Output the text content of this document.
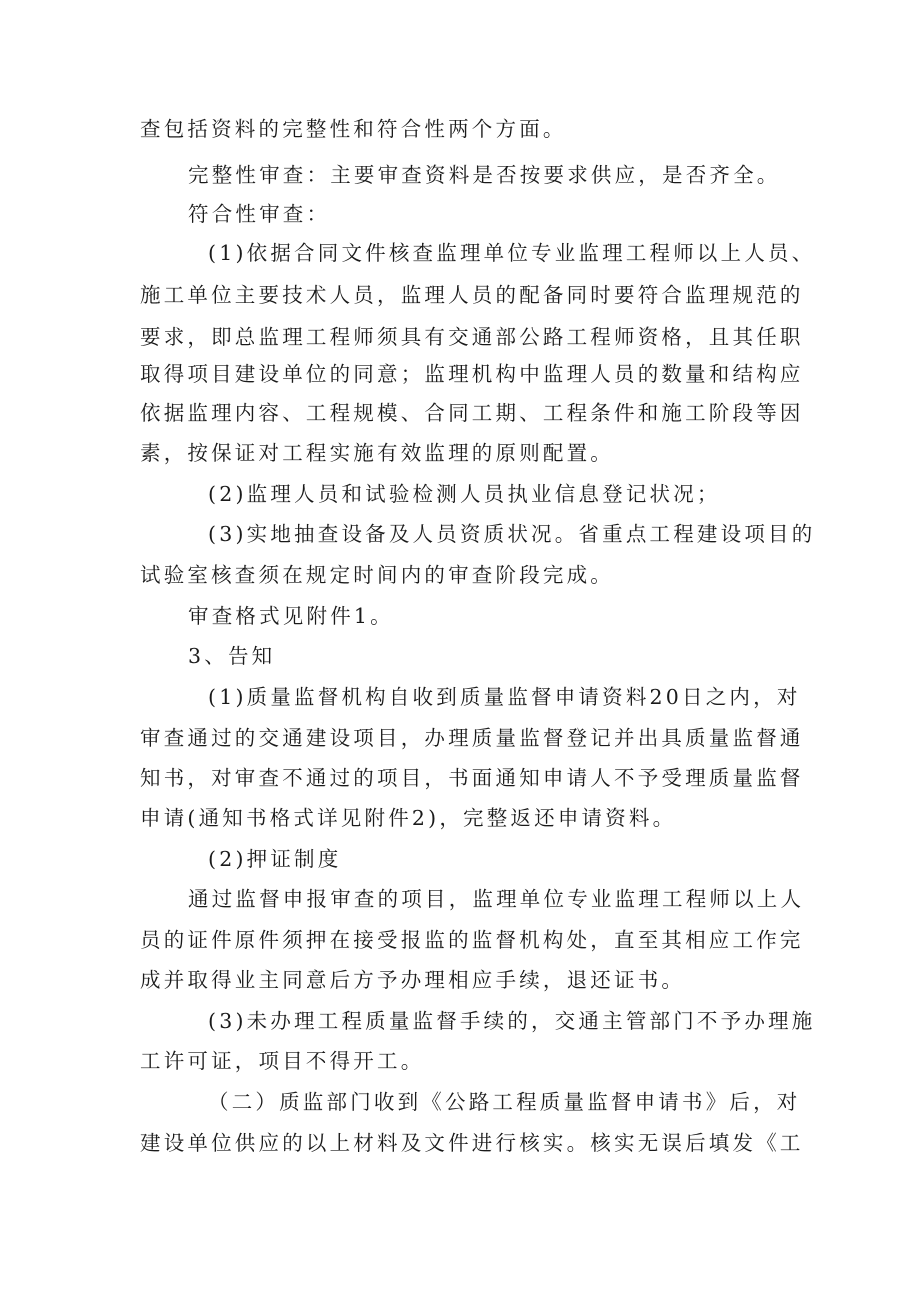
查包括资料的完整性和符合性两个方面。
完整性审查：主要审查资料是否按要求供应，是否齐全。
符合性审查：
(1)依据合同文件核查监理单位专业监理工程师以上人员、
施工单位主要技术人员，监理人员的配备同时要符合监理规范的
要求，即总监理工程师须具有交通部公路工程师资格，且其任职
取得项目建设单位的同意；监理机构中监理人员的数量和结构应
依据监理内容、工程规模、合同工期、工程条件和施工阶段等因
素，按保证对工程实施有效监理的原则配置。
(2)监理人员和试验检测人员执业信息登记状况；
(3)实地抽查设备及人员资质状况。省重点工程建设项目的
试验室核查须在规定时间内的审查阶段完成。
审查格式见附件1。
3、告知
(1)质量监督机构自收到质量监督申请资料20日之内，对
审查通过的交通建设项目，办理质量监督登记并出具质量监督通
知书，对审查不通过的项目，书面通知申请人不予受理质量监督
申请(通知书格式详见附件2)，完整返还申请资料。
(2)押证制度
通过监督申报审查的项目，监理单位专业监理工程师以上人
员的证件原件须押在接受报监的监督机构处，直至其相应工作完
成并取得业主同意后方予办理相应手续，退还证书。
(3)未办理工程质量监督手续的，交通主管部门不予办理施
工许可证，项目不得开工。
（二）质监部门收到《公路工程质量监督申请书》后，对
建设单位供应的以上材料及文件进行核实。核实无误后填发《工
